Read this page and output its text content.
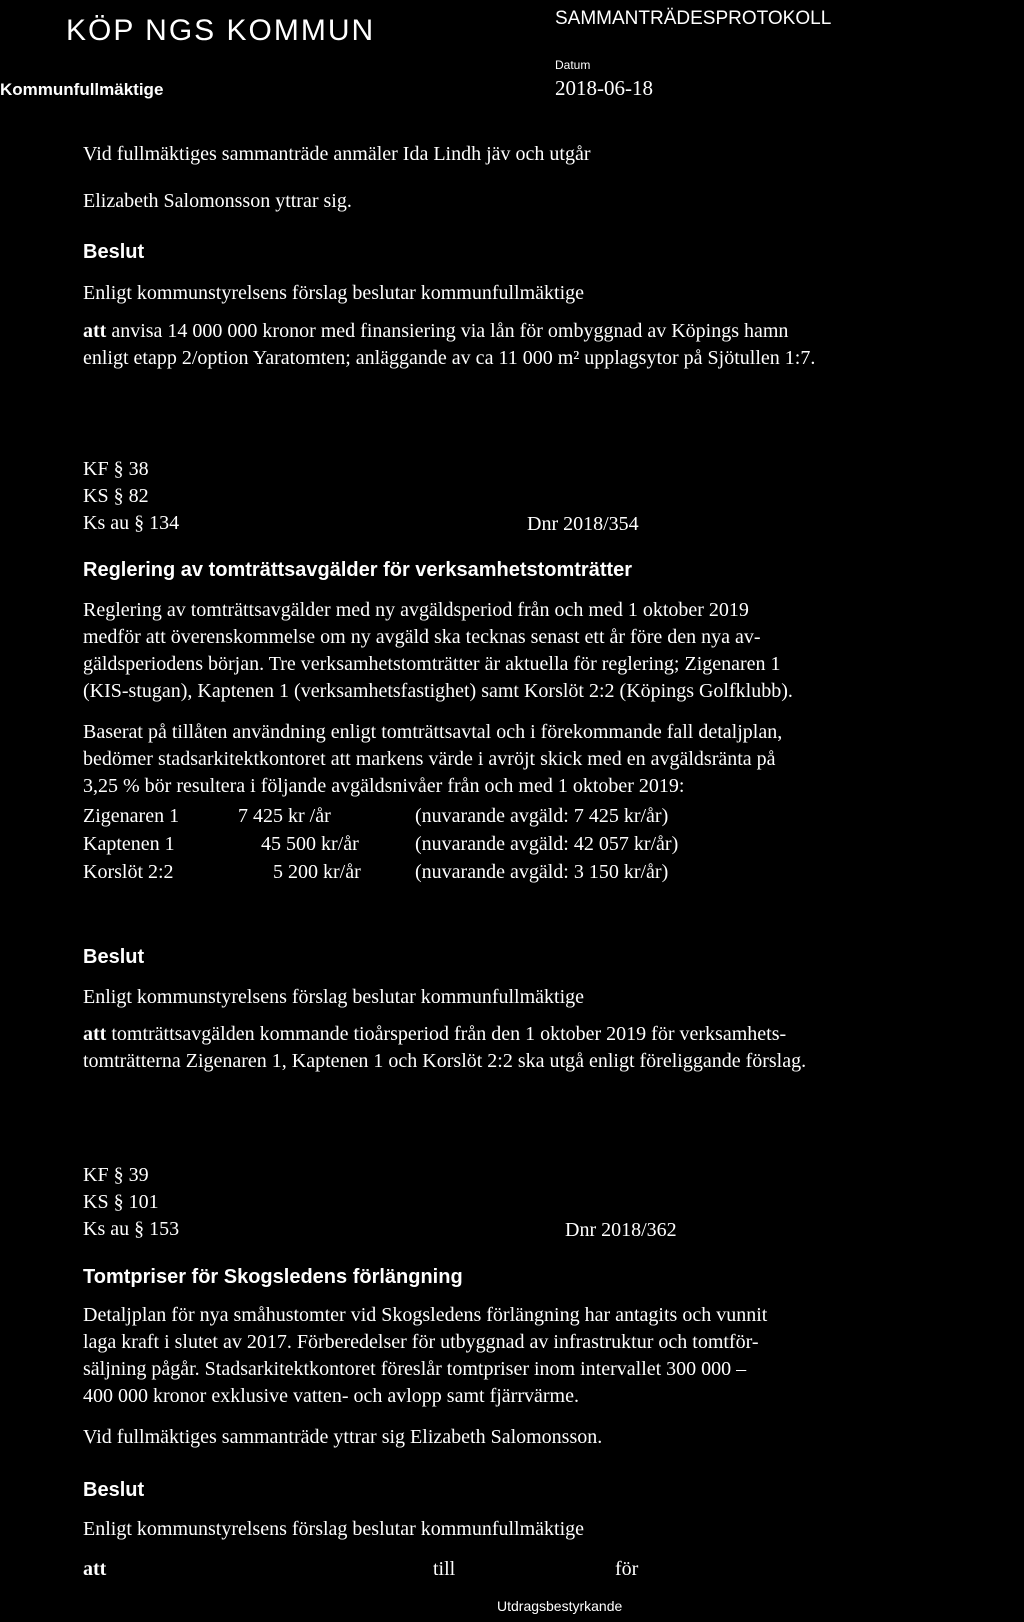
KÖP NGS KOMMUN
Kommunfullmäktige
SAMMANTRÄDESPROTOKOLL
Datum
2018-06-18
Vid fullmäktiges sammanträde anmäler Ida Lindh jäv och utgår
Elizabeth Salomonsson yttrar sig.
Beslut
Enligt kommunstyrelsens förslag beslutar kommunfullmäktige
att anvisa 14 000 000 kronor med finansiering via lån för ombyggnad av Köpings hamn
enligt etapp 2/option Yaratomten; anläggande av ca 11 000 m² upplagsytor på Sjötullen 1:7.
KF § 38
KS § 82
Ks au § 134	Dnr 2018/354
Reglering av tomträttsavgälder för verksamhetstomträtter
Reglering av tomträttsavgälder med ny avgäldsperiod från och med 1 oktober 2019
medför att överenskommelse om ny avgäld ska tecknas senast ett år före den nya av-
gäldsperiodens början. Tre verksamhetstomträtter är aktuella för reglering; Zigenaren 1
(KIS-stugan), Kaptenen 1 (verksamhetsfastighet) samt Korslöt 2:2 (Köpings Golfklubb).
Baserat på tillåten användning enligt tomträttsavtal och i förekommande fall detaljplan,
bedömer stadsarkitektkontoret att markens värde i avröjt skick med en avgäldsränta på
3,25 % bör resultera i följande avgäldsnivåer från och med 1 oktober 2019:
Zigenaren 1	7 425 kr /år	(nuvarande avgäld: 7 425 kr/år)
Kaptenen 1	45 500 kr/år	(nuvarande avgäld: 42 057 kr/år)
Korslöt 2:2	5 200 kr/år	(nuvarande avgäld: 3 150 kr/år)
Beslut
Enligt kommunstyrelsens förslag beslutar kommunfullmäktige
att tomträttsavgälden kommande tioårsperiod från den 1 oktober 2019 för verksamhets-
tomträtterna Zigenaren 1, Kaptenen 1 och Korslöt 2:2 ska utgå enligt föreliggande förslag.
KF § 39
KS § 101
Ks au § 153	Dnr 2018/362
Tomtpriser för Skogsledens förlängning
Detaljplan för nya småhustomter vid Skogsledens förlängning har antagits och vunnit
laga kraft i slutet av 2017. Förberedelser för utbyggnad av infrastruktur och tomtför-
säljning pågår. Stadsarkitektkontoret föreslår tomtpriser inom intervallet 300 000 –
400 000 kronor exklusive vatten- och avlopp samt fjärrvärme.
Vid fullmäktiges sammanträde yttrar sig Elizabeth Salomonsson.
Beslut
Enligt kommunstyrelsens förslag beslutar kommunfullmäktige
att	till	för
Utdragsbestyrkande
